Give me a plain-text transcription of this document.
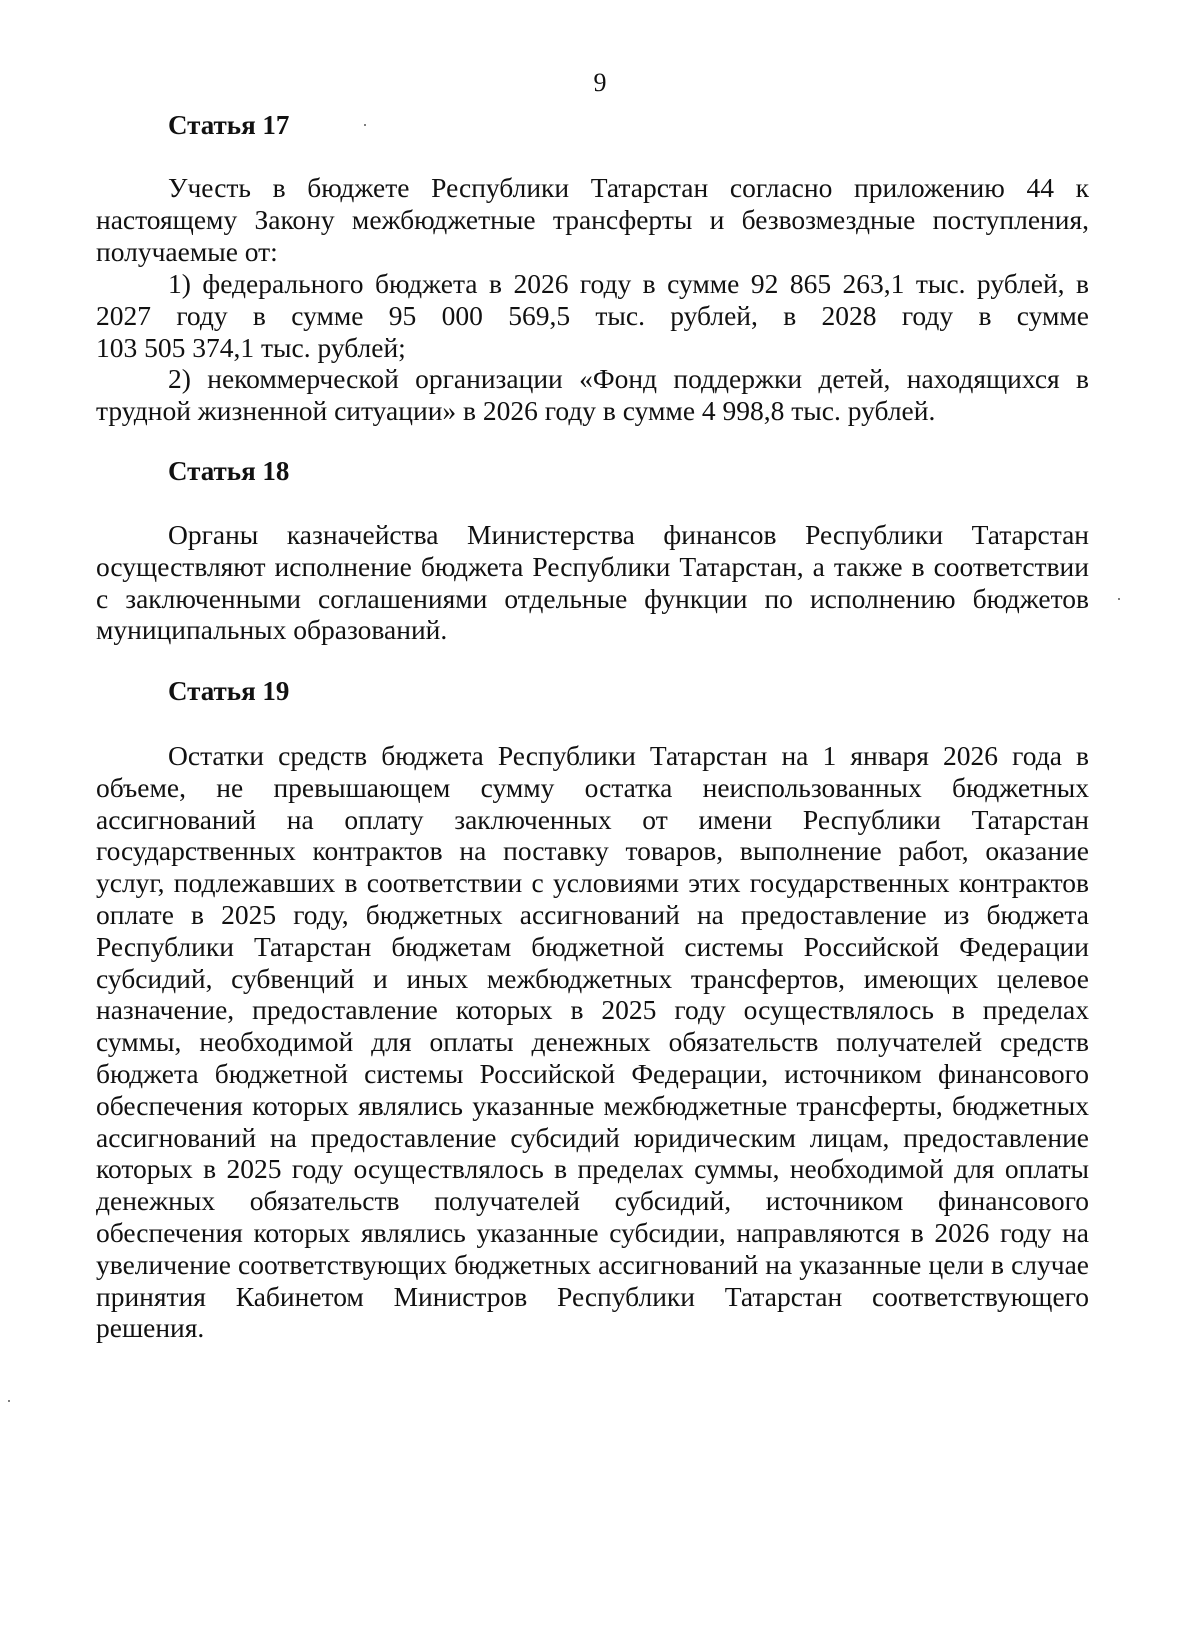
9
Статья 17
Учесть в бюджете Республики Татарстан согласно приложению 44 к
настоящему Закону межбюджетные трансферты и безвозмездные поступления,
получаемые от:
1) федерального бюджета в 2026 году в сумме 92 865 263,1 тыс. рублей, в
2027 году в сумме 95 000 569,5 тыс. рублей, в 2028 году в сумме
103 505 374,1 тыс. рублей;
2) некоммерческой организации «Фонд поддержки детей, находящихся в
трудной жизненной ситуации» в 2026 году в сумме 4 998,8 тыс. рублей.
Статья 18
Органы казначейства Министерства финансов Республики Татарстан
осуществляют исполнение бюджета Республики Татарстан, а также в соответствии
с заключенными соглашениями отдельные функции по исполнению бюджетов
муниципальных образований.
Статья 19
Остатки средств бюджета Республики Татарстан на 1 января 2026 года в
объеме, не превышающем сумму остатка неиспользованных бюджетных
ассигнований на оплату заключенных от имени Республики Татарстан
государственных контрактов на поставку товаров, выполнение работ, оказание
услуг, подлежавших в соответствии с условиями этих государственных контрактов
оплате в 2025 году, бюджетных ассигнований на предоставление из бюджета
Республики Татарстан бюджетам бюджетной системы Российской Федерации
субсидий, субвенций и иных межбюджетных трансфертов, имеющих целевое
назначение, предоставление которых в 2025 году осуществлялось в пределах
суммы, необходимой для оплаты денежных обязательств получателей средств
бюджета бюджетной системы Российской Федерации, источником финансового
обеспечения которых являлись указанные межбюджетные трансферты, бюджетных
ассигнований на предоставление субсидий юридическим лицам, предоставление
которых в 2025 году осуществлялось в пределах суммы, необходимой для оплаты
денежных обязательств получателей субсидий, источником финансового
обеспечения которых являлись указанные субсидии, направляются в 2026 году на
увеличение соответствующих бюджетных ассигнований на указанные цели в случае
принятия Кабинетом Министров Республики Татарстан соответствующего
решения.
